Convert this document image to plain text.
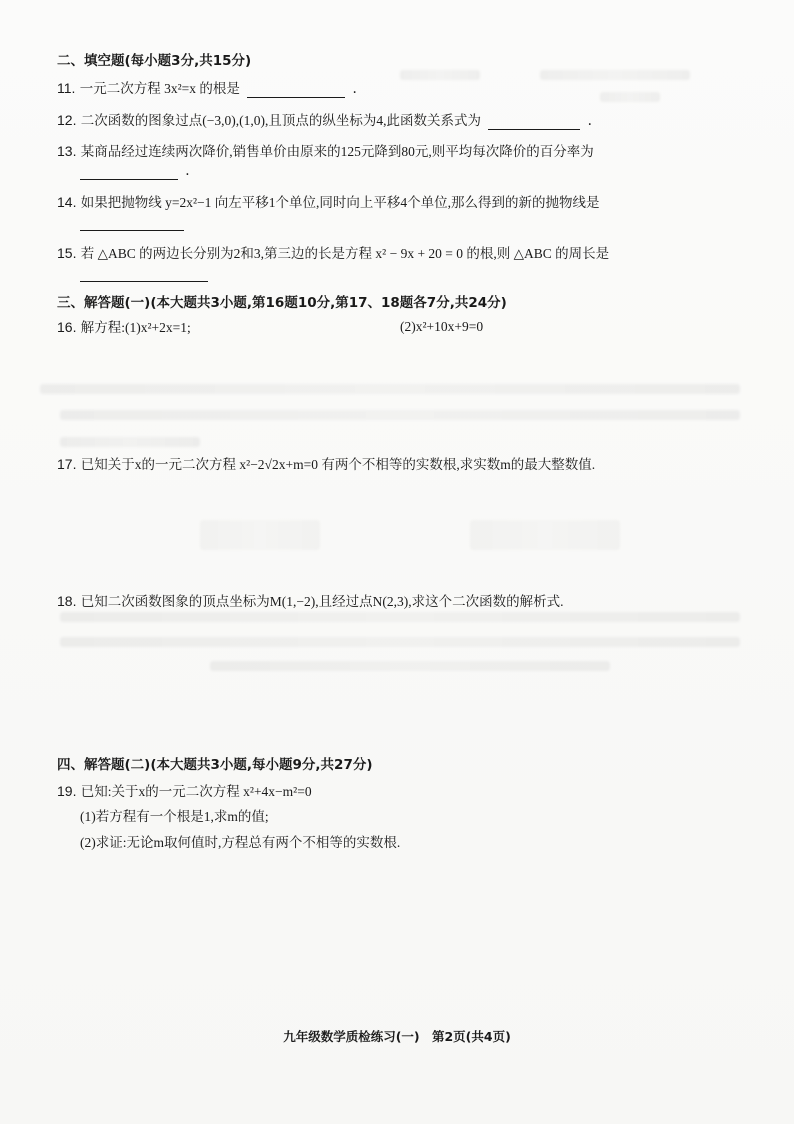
二、填空题(每小题3分,共15分)
11. 一元二次方程 3x²=x 的根是	.
12. 二次函数的图象过点(−3,0),(1,0),且顶点的纵坐标为4,此函数关系式为	.
13. 某商品经过连续两次降价,销售单价由原来的125元降到80元,则平均每次降价的百分率为
.
14. 如果把抛物线 y=2x²−1 向左平移1个单位,同时向上平移4个单位,那么得到的新的抛物线是
15. 若 △ABC 的两边长分别为2和3,第三边的长是方程 x² − 9x + 20 = 0 的根,则 △ABC 的周长是
三、解答题(一)(本大题共3小题,第16题10分,第17、18题各7分,共24分)
16. 解方程:(1)x²+2x=1;	(2)x²+10x+9=0
17. 已知关于x的一元二次方程 x²−2√2x+m=0 有两个不相等的实数根,求实数m的最大整数值.
18. 已知二次函数图象的顶点坐标为M(1,−2),且经过点N(2,3),求这个二次函数的解析式.
四、解答题(二)(本大题共3小题,每小题9分,共27分)
19. 已知:关于x的一元二次方程 x²+4x−m²=0
(1)若方程有一个根是1,求m的值;
(2)求证:无论m取何值时,方程总有两个不相等的实数根.
九年级数学质检练习(一) 第2页(共4页)
